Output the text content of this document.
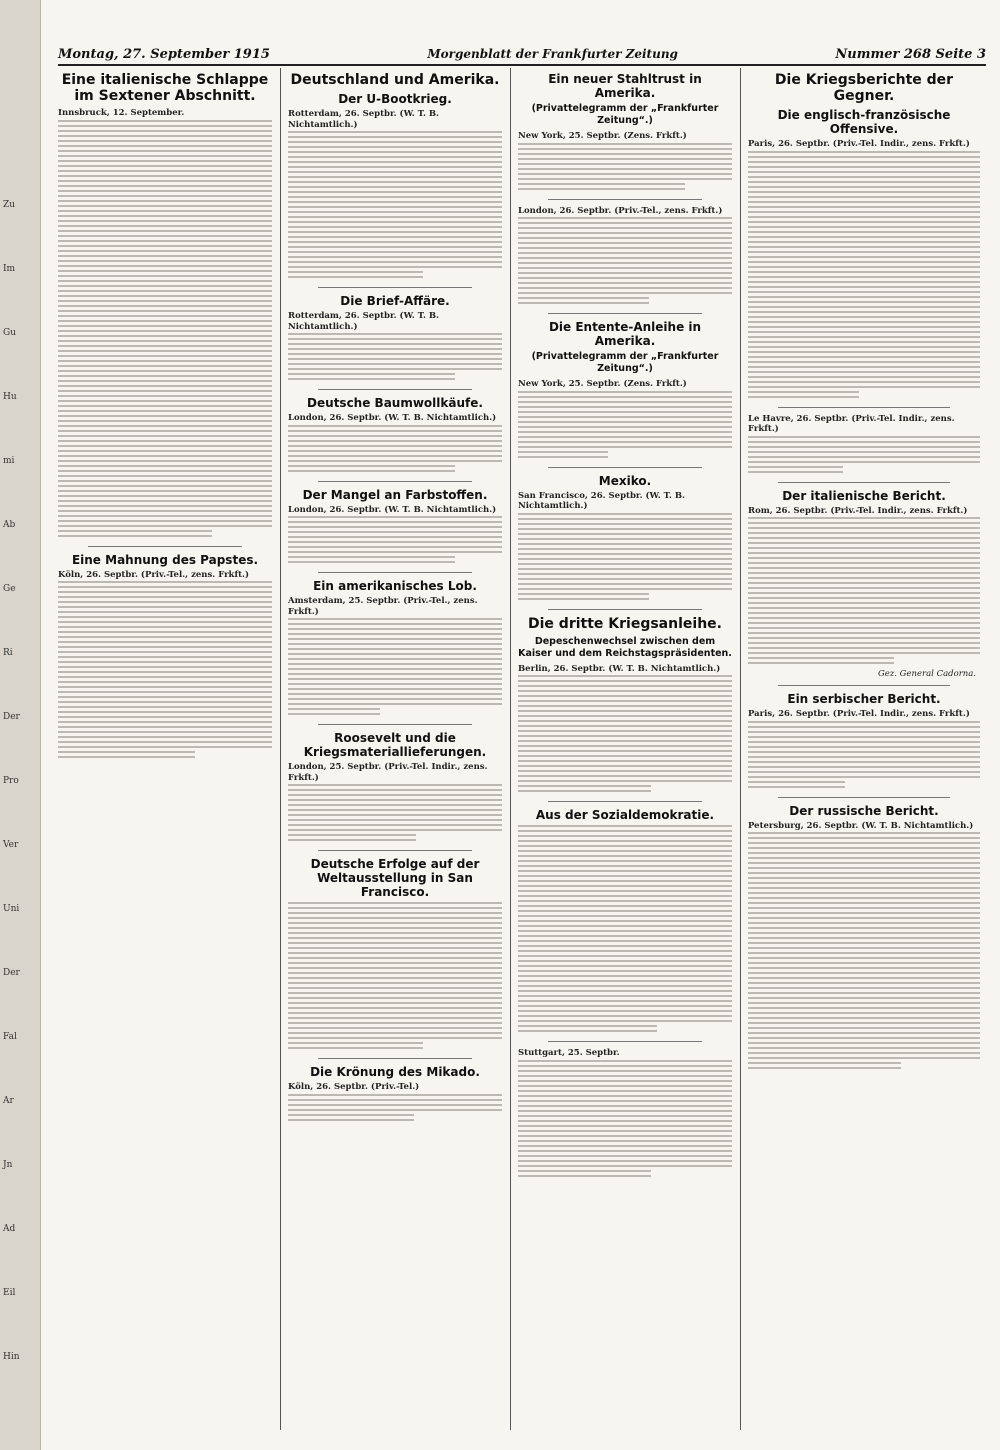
Zu
Im
Gu
Hu
mi
Ab
Ge
Ri
Der
Pro
Ver
Uni
Der
Fal
Ar
Jn
Ad
Eil
Hin
Montag, 27. September 1915	Morgenblatt der Frankfurter Zeitung	Nummer 268 Seite 3
Eine italienische Schlappe im Sextener Abschnitt.
Innsbruck, 12. September.
Eine Mahnung des Papstes.
Köln, 26. Septbr. (Priv.-Tel., zens. Frkft.)
Deutschland und Amerika.
Der U-Bootkrieg.
Rotterdam, 26. Septbr. (W. T. B. Nichtamtlich.)
Die Brief-Affäre.
Rotterdam, 26. Septbr. (W. T. B. Nichtamtlich.)
Deutsche Baumwollkäufe.
London, 26. Septbr. (W. T. B. Nichtamtlich.)
Der Mangel an Farbstoffen.
London, 26. Septbr. (W. T. B. Nichtamtlich.)
Ein amerikanisches Lob.
Amsterdam, 25. Septbr. (Priv.-Tel., zens. Frkft.)
Roosevelt und die Kriegsmateriallieferungen.
London, 25. Septbr. (Priv.-Tel. Indir., zens. Frkft.)
Deutsche Erfolge auf der Weltausstellung in San Francisco.
Die Krönung des Mikado.
Köln, 26. Septbr. (Priv.-Tel.)
Ein neuer Stahltrust in Amerika.
(Privattelegramm der „Frankfurter Zeitung“.)
New York, 25. Septbr. (Zens. Frkft.)
London, 26. Septbr. (Priv.-Tel., zens. Frkft.)
Die Entente-Anleihe in Amerika.
(Privattelegramm der „Frankfurter Zeitung“.)
New York, 25. Septbr. (Zens. Frkft.)
Mexiko.
San Francisco, 26. Septbr. (W. T. B. Nichtamtlich.)
Die dritte Kriegsanleihe.
Depeschenwechsel zwischen dem Kaiser und dem Reichstagspräsidenten.
Berlin, 26. Septbr. (W. T. B. Nichtamtlich.)
Aus der Sozialdemokratie.
Stuttgart, 25. Septbr.
Die Kriegsberichte der Gegner.
Die englisch-französische Offensive.
Paris, 26. Septbr. (Priv.-Tel. Indir., zens. Frkft.)
Le Havre, 26. Septbr. (Priv.-Tel. Indir., zens. Frkft.)
Der italienische Bericht.
Rom, 26. Septbr. (Priv.-Tel. Indir., zens. Frkft.)
Gez. General Cadorna.
Ein serbischer Bericht.
Paris, 26. Septbr. (Priv.-Tel. Indir., zens. Frkft.)
Der russische Bericht.
Petersburg, 26. Septbr. (W. T. B. Nichtamtlich.)
